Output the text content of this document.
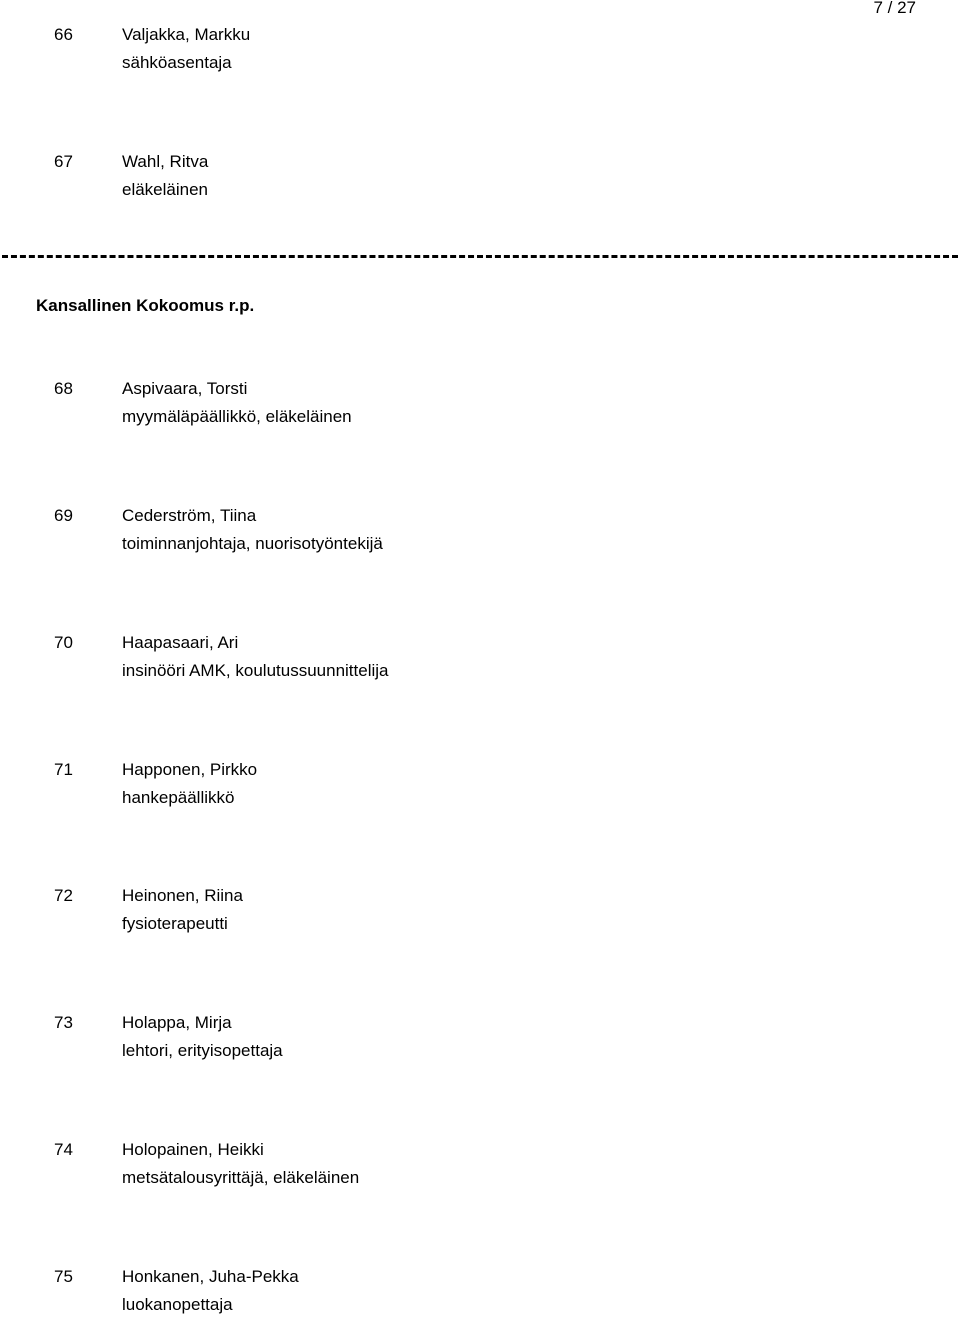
7 / 27
66	Valjakka, Markku
sähköasentaja
67	Wahl, Ritva
eläkeläinen
Kansallinen Kokoomus r.p.
68	Aspivaara, Torsti
myymäläpäällikkö, eläkeläinen
69	Cederström, Tiina
toiminnanjohtaja, nuorisotyöntekijä
70	Haapasaari, Ari
insinööri AMK, koulutussuunnittelija
71	Happonen, Pirkko
hankepäällikkö
72	Heinonen, Riina
fysioterapeutti
73	Holappa, Mirja
lehtori, erityisopettaja
74	Holopainen, Heikki
metsätalousyrittäjä, eläkeläinen
75	Honkanen, Juha-Pekka
luokanopettaja
